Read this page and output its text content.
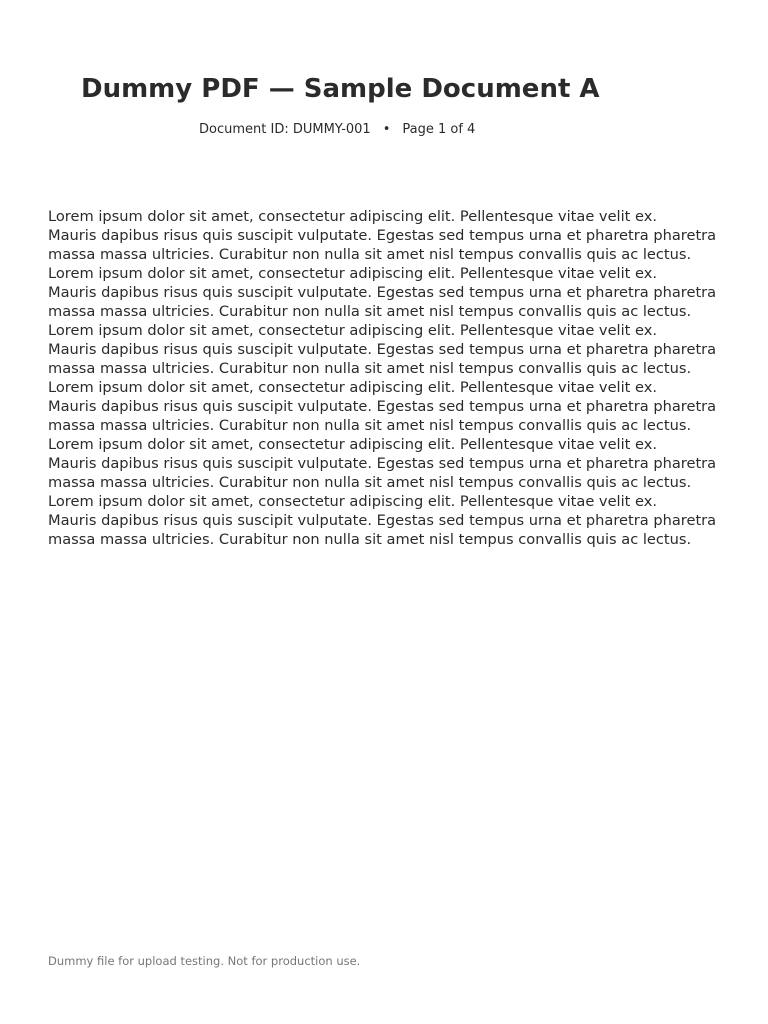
Dummy PDF — Sample Document A
Document ID: DUMMY-001 • Page 1 of 4
Lorem ipsum dolor sit amet, consectetur adipiscing elit. Pellentesque vitae velit ex.
Mauris dapibus risus quis suscipit vulputate. Egestas sed tempus urna et pharetra pharetra
massa massa ultricies. Curabitur non nulla sit amet nisl tempus convallis quis ac lectus.
Lorem ipsum dolor sit amet, consectetur adipiscing elit. Pellentesque vitae velit ex.
Mauris dapibus risus quis suscipit vulputate. Egestas sed tempus urna et pharetra pharetra
massa massa ultricies. Curabitur non nulla sit amet nisl tempus convallis quis ac lectus.
Lorem ipsum dolor sit amet, consectetur adipiscing elit. Pellentesque vitae velit ex.
Mauris dapibus risus quis suscipit vulputate. Egestas sed tempus urna et pharetra pharetra
massa massa ultricies. Curabitur non nulla sit amet nisl tempus convallis quis ac lectus.
Lorem ipsum dolor sit amet, consectetur adipiscing elit. Pellentesque vitae velit ex.
Mauris dapibus risus quis suscipit vulputate. Egestas sed tempus urna et pharetra pharetra
massa massa ultricies. Curabitur non nulla sit amet nisl tempus convallis quis ac lectus.
Lorem ipsum dolor sit amet, consectetur adipiscing elit. Pellentesque vitae velit ex.
Mauris dapibus risus quis suscipit vulputate. Egestas sed tempus urna et pharetra pharetra
massa massa ultricies. Curabitur non nulla sit amet nisl tempus convallis quis ac lectus.
Lorem ipsum dolor sit amet, consectetur adipiscing elit. Pellentesque vitae velit ex.
Mauris dapibus risus quis suscipit vulputate. Egestas sed tempus urna et pharetra pharetra
massa massa ultricies. Curabitur non nulla sit amet nisl tempus convallis quis ac lectus.
Dummy file for upload testing. Not for production use.
